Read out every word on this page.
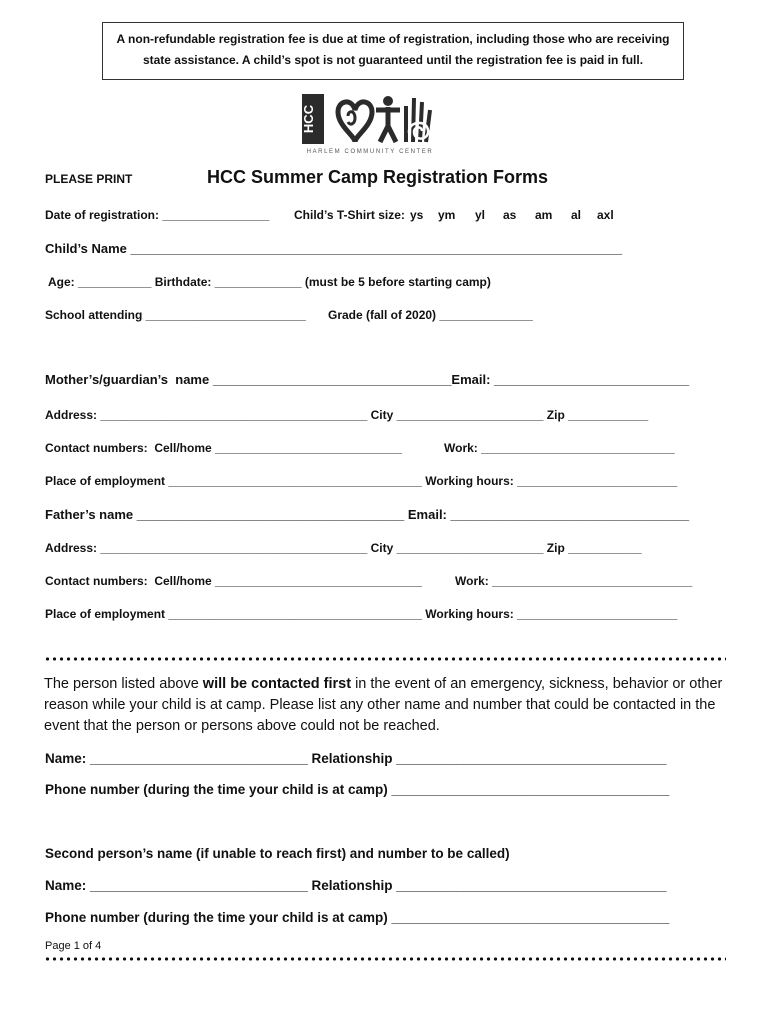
A non-refundable registration fee is due at time of registration, including those who are receiving
state assistance. A child’s spot is not guaranteed until the registration fee is paid in full.
HCC
HARLEM COMMUNITY CENTER
PLEASE PRINT	HCC Summer Camp Registration Forms
Date of registration: ________________ Child’s T-Shirt size: ys ym yl as am al axl
Child’s Name ____________________________________________________________________
Age: ___________ Birthdate: _____________ (must be 5 before starting camp)
School attending ________________________ Grade (fall of 2020) ______________
Mother’s/guardian’s  name _________________________________Email: ___________________________
Address: ________________________________________ City ______________________ Zip ____________
Contact numbers:  Cell/home ____________________________	Work: _____________________________
Place of employment ______________________________________ Working hours: ________________________
Father’s name _____________________________________ Email: _________________________________
Address: ________________________________________ City ______________________ Zip ___________
Contact numbers:  Cell/home _______________________________	Work: ______________________________
Place of employment ______________________________________ Working hours: ________________________
The person listed above will be contacted first in the event of an emergency, sickness, behavior or other reason while your child is at camp. Please list any other name and number that could be contacted in the event that the person or persons above could not be reached.
Name: _____________________________ Relationship ____________________________________
Phone number (during the time your child is at camp) _____________________________________
Second person’s name (if unable to reach first) and number to be called)
Name: _____________________________ Relationship ____________________________________
Phone number (during the time your child is at camp) _____________________________________
Page 1 of 4
